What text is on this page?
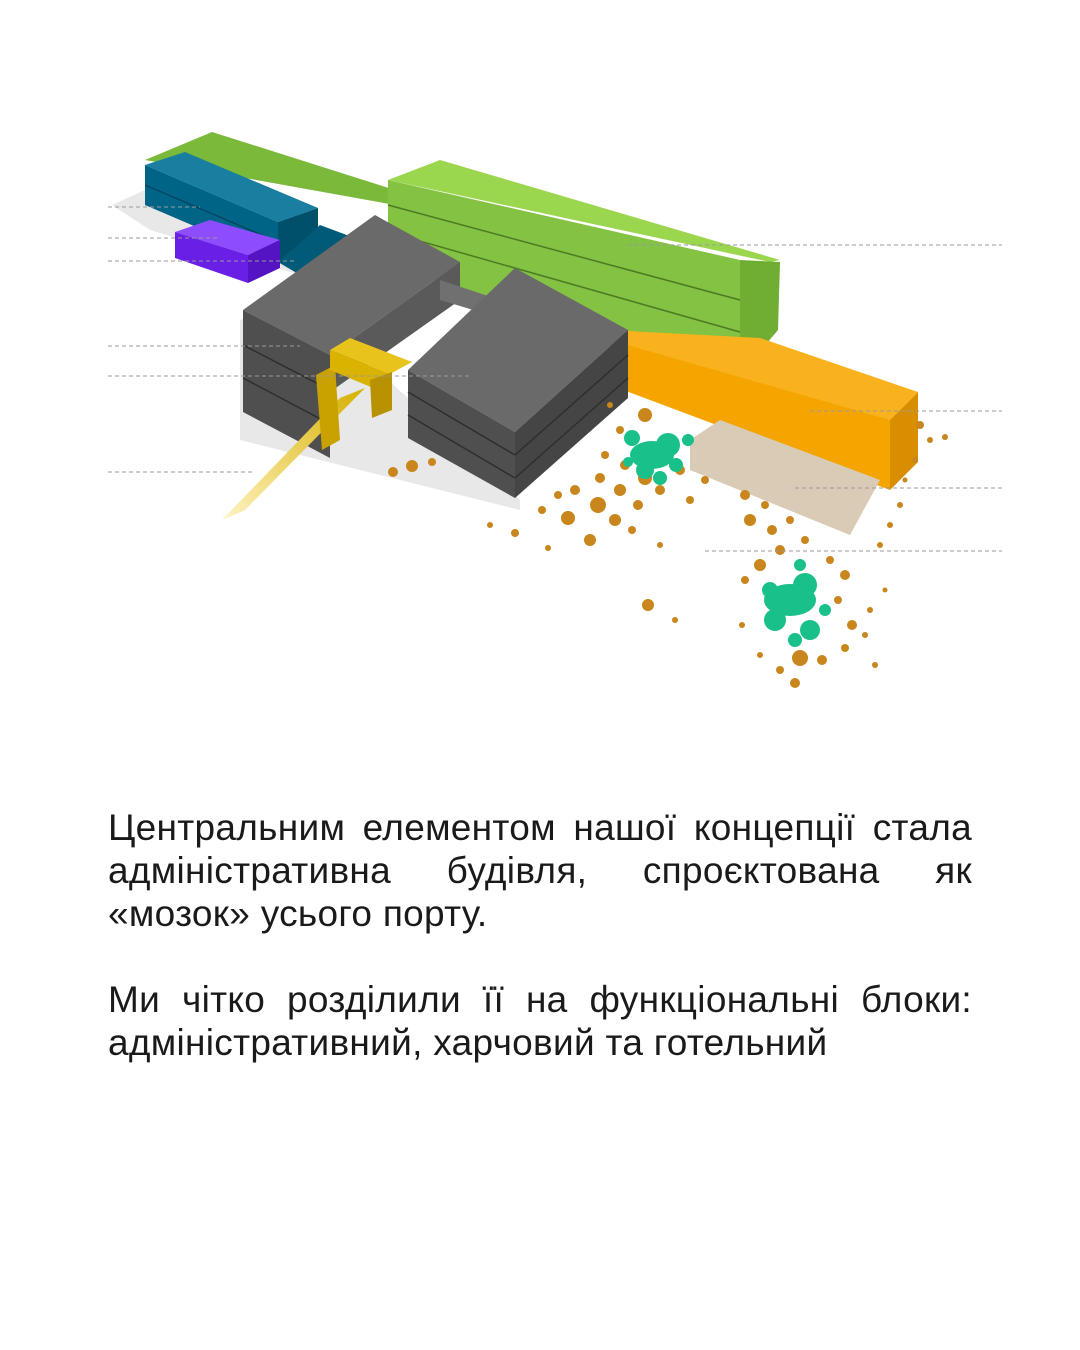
Центральним елементом нашої концепції стала адміністративна будівля, спроєктована як «мозок» усього порту.

Ми чітко розділили її на функціональні блоки: адміністративний, харчовий та готельний
